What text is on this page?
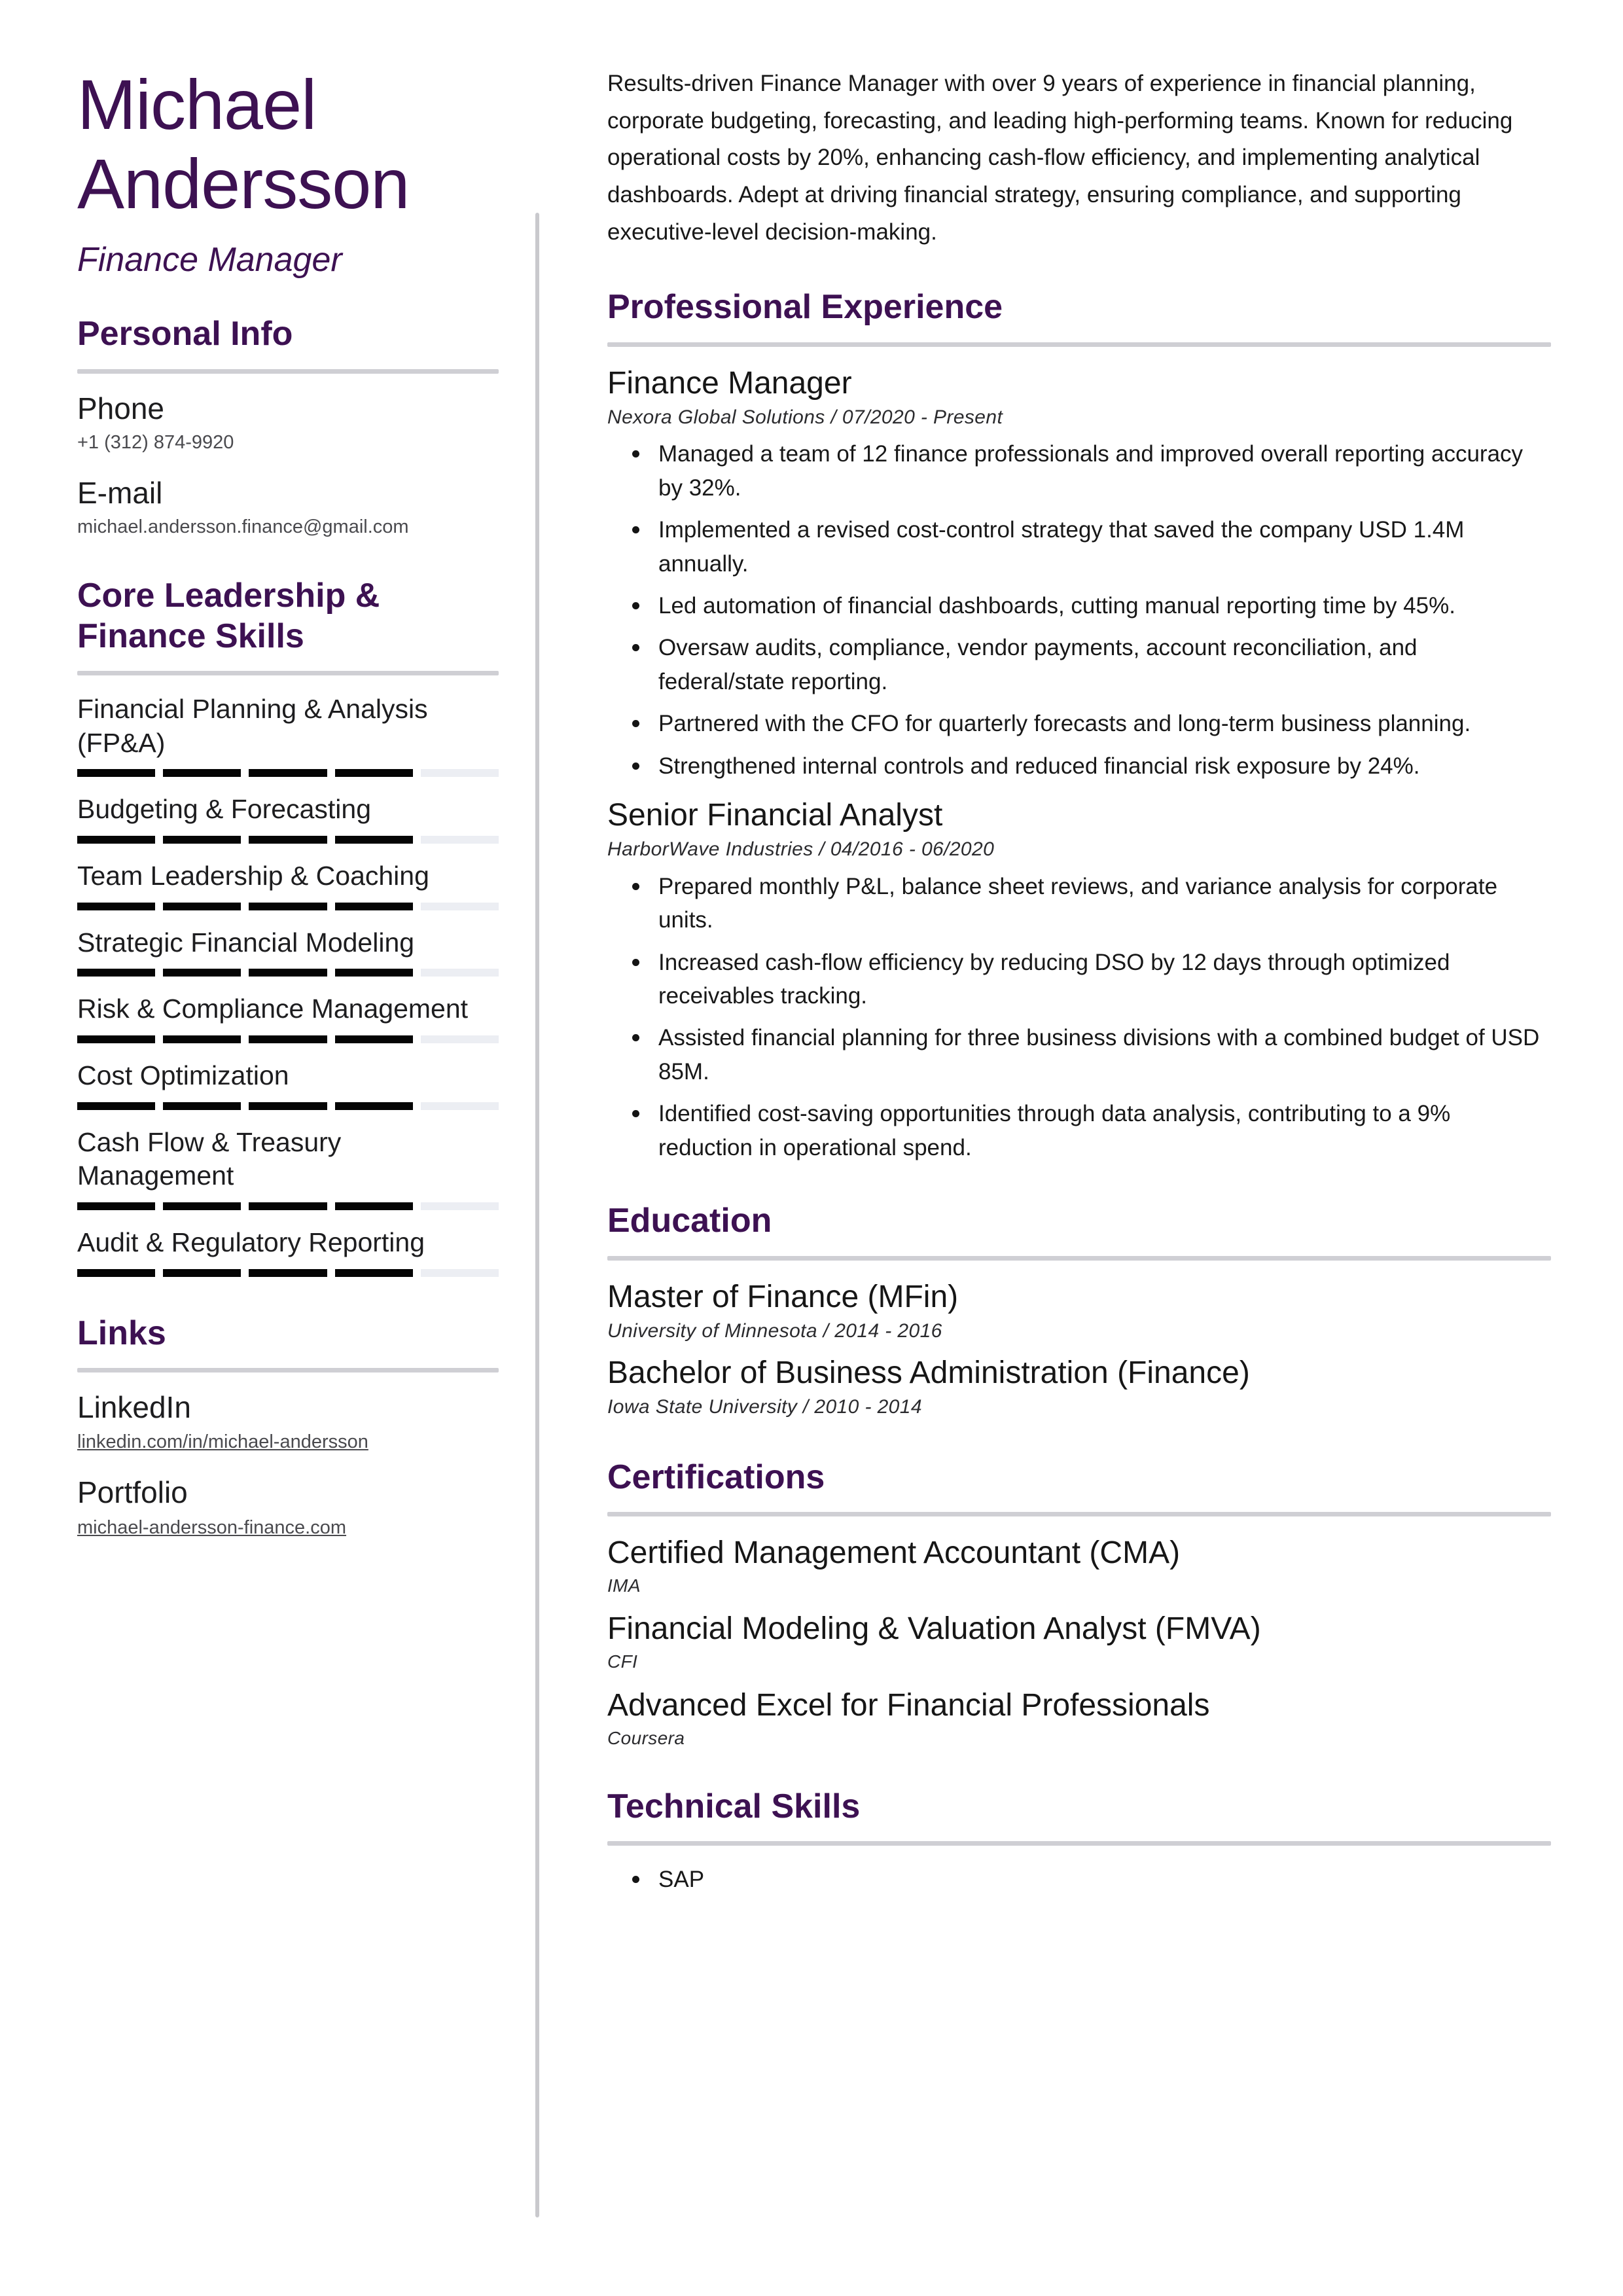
Michael Andersson
Finance Manager
Personal Info
Phone
+1 (312) 874-9920
E-mail
michael.andersson.finance@gmail.com
Core Leadership & Finance Skills
Financial Planning & Analysis (FP&A)
Budgeting & Forecasting
Team Leadership & Coaching
Strategic Financial Modeling
Risk & Compliance Management
Cost Optimization
Cash Flow & Treasury Management
Audit & Regulatory Reporting
Links
LinkedIn
linkedin.com/in/michael-andersson
Portfolio
michael-andersson-finance.com

Results-driven Finance Manager with over 9 years of experience in financial planning, corporate budgeting, forecasting, and leading high-performing teams. Known for reducing operational costs by 20%, enhancing cash-flow efficiency, and implementing analytical dashboards. Adept at driving financial strategy, ensuring compliance, and supporting executive-level decision-making.

Professional Experience
Finance Manager
Nexora Global Solutions / 07/2020 - Present
Managed a team of 12 finance professionals and improved overall reporting accuracy by 32%.
Implemented a revised cost-control strategy that saved the company USD 1.4M annually.
Led automation of financial dashboards, cutting manual reporting time by 45%.
Oversaw audits, compliance, vendor payments, account reconciliation, and federal/state reporting.
Partnered with the CFO for quarterly forecasts and long-term business planning.
Strengthened internal controls and reduced financial risk exposure by 24%.
Senior Financial Analyst
HarborWave Industries / 04/2016 - 06/2020
Prepared monthly P&L, balance sheet reviews, and variance analysis for corporate units.
Increased cash-flow efficiency by reducing DSO by 12 days through optimized receivables tracking.
Assisted financial planning for three business divisions with a combined budget of USD 85M.
Identified cost-saving opportunities through data analysis, contributing to a 9% reduction in operational spend.
Education
Master of Finance (MFin)
University of Minnesota / 2014 - 2016
Bachelor of Business Administration (Finance)
Iowa State University / 2010 - 2014
Certifications
Certified Management Accountant (CMA)
IMA
Financial Modeling & Valuation Analyst (FMVA)
CFI
Advanced Excel for Financial Professionals
Coursera
Technical Skills
SAP
